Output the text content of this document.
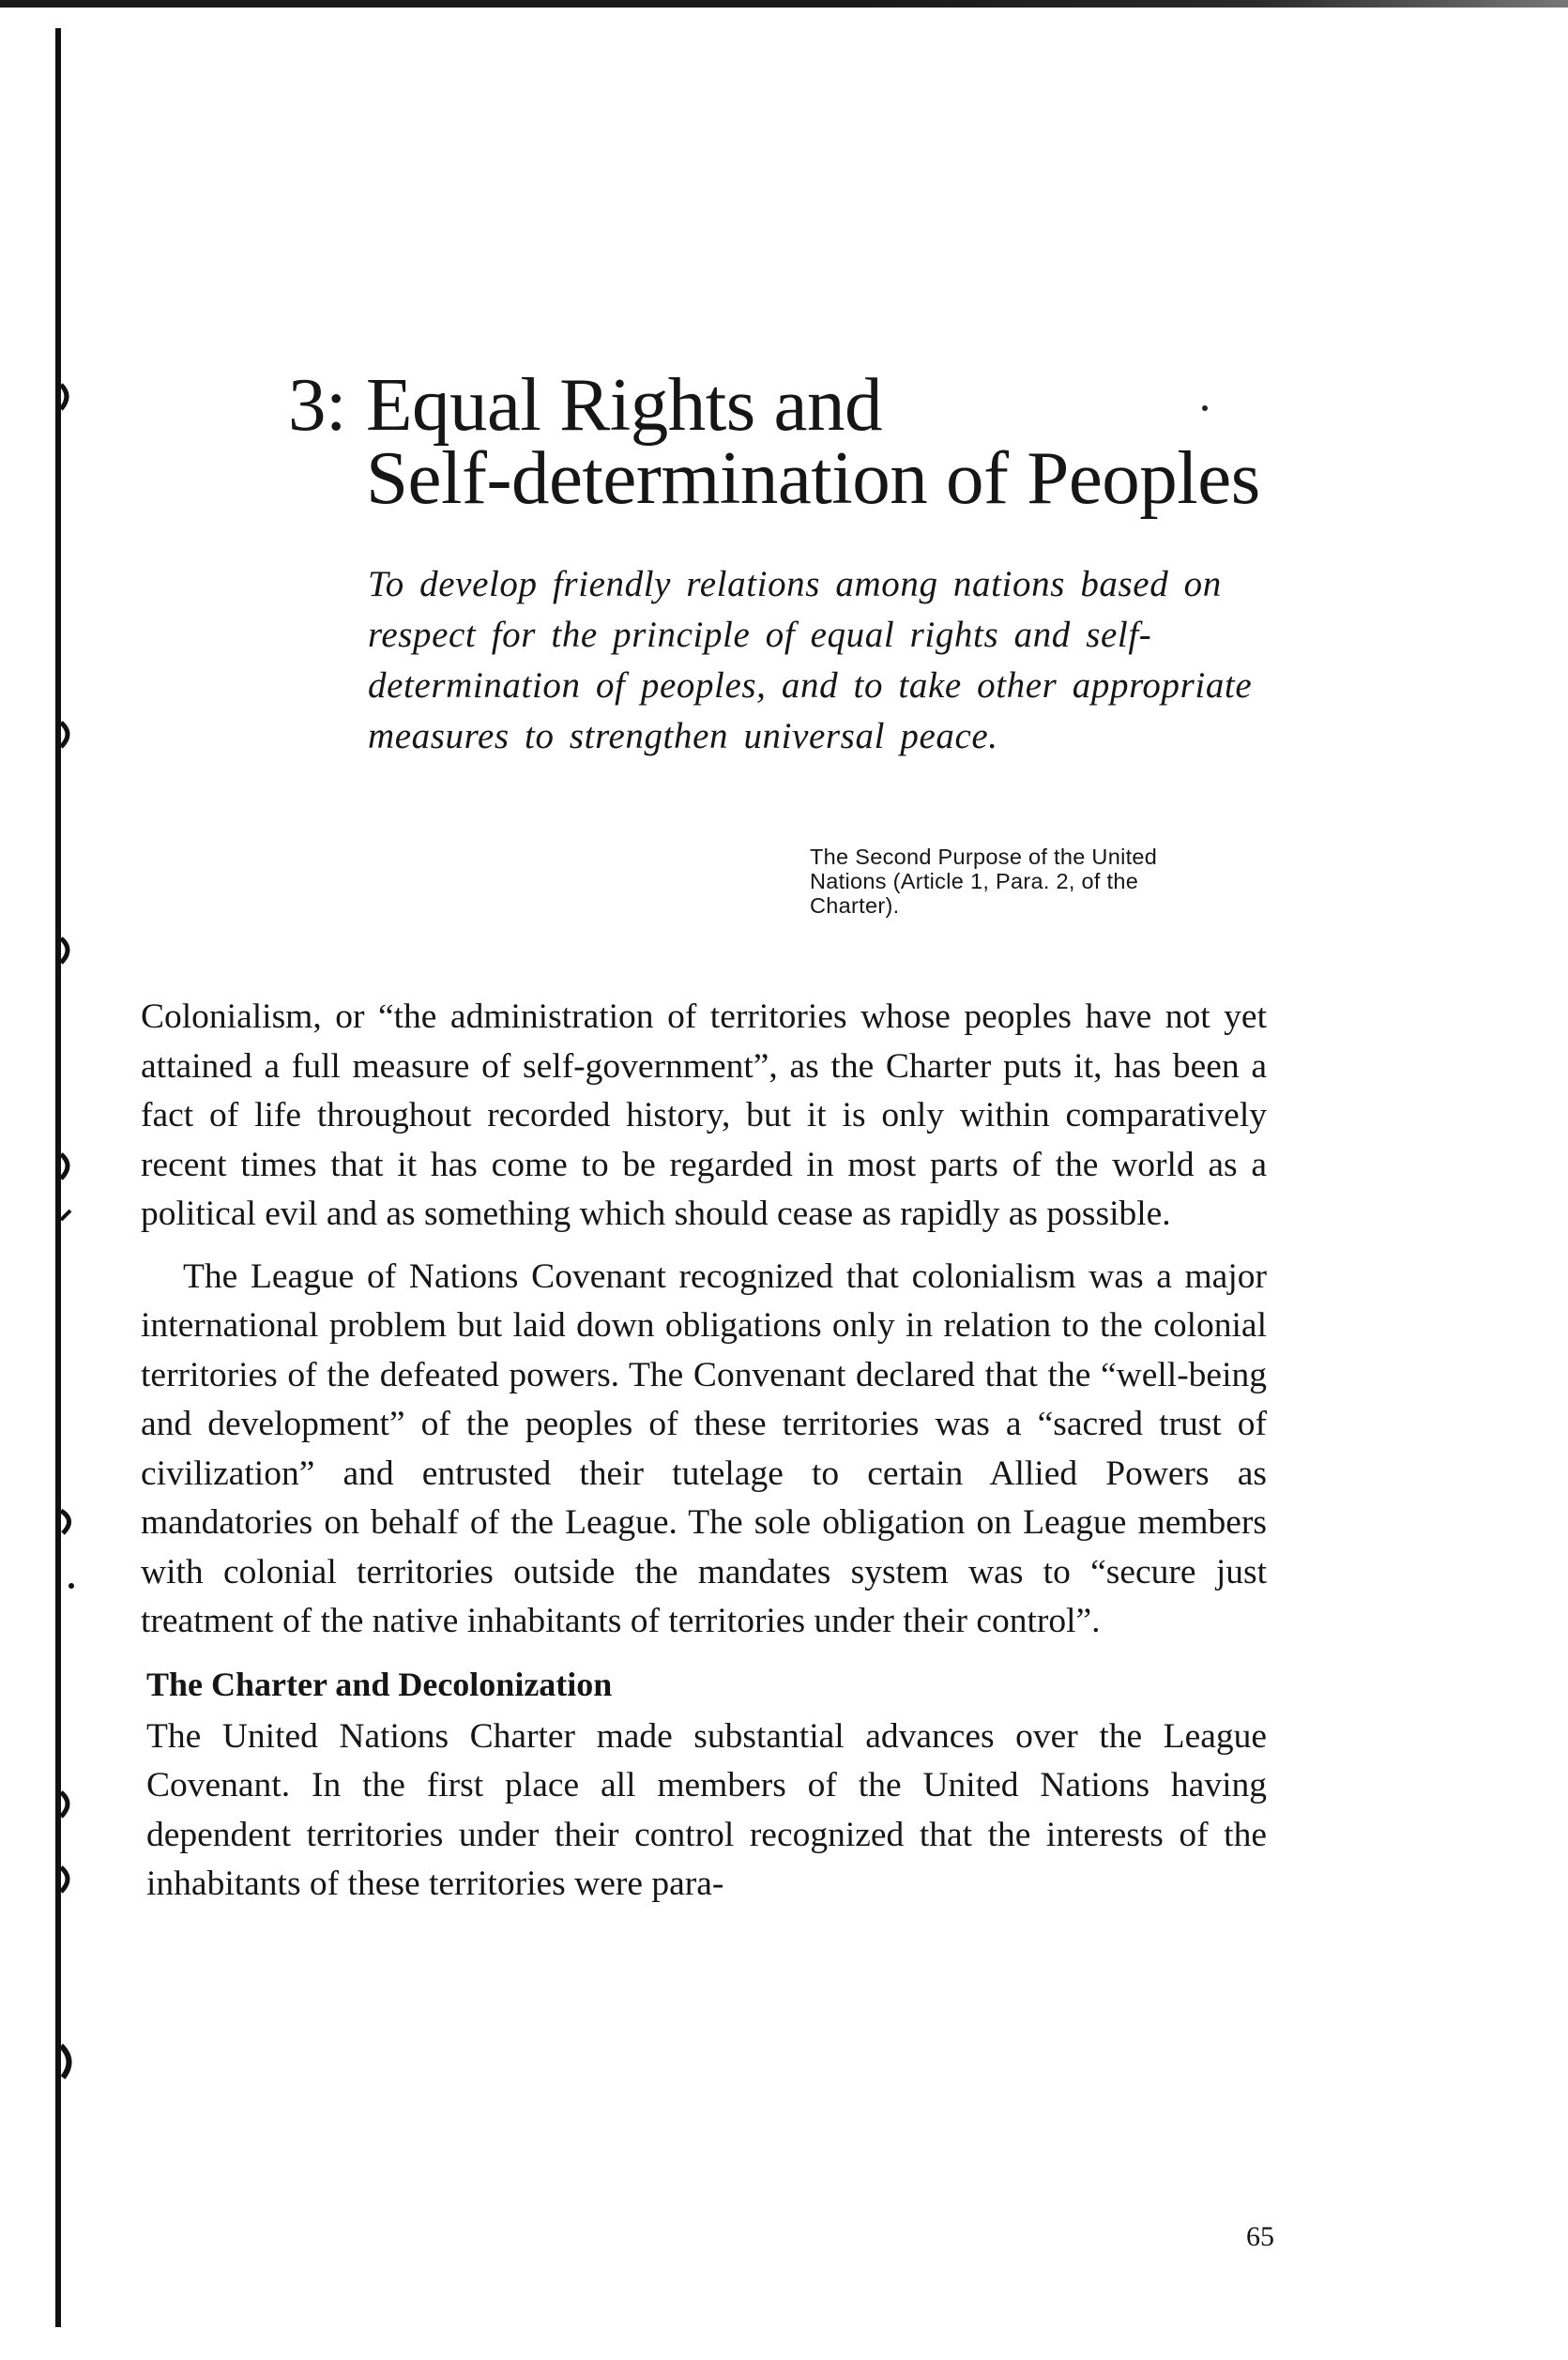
3: Equal Rights and
Self-determination of Peoples

To develop friendly relations among nations based on respect for the principle of equal rights and self-determination of peoples, and to take other appropriate measures to strengthen universal peace.

The Second Purpose of the United Nations (Article 1, Para. 2, of the Charter).

Colonialism, or “the administration of territories whose peoples have not yet attained a full measure of self-government”, as the Charter puts it, has been a fact of life throughout recorded history, but it is only within comparatively recent times that it has come to be regarded in most parts of the world as a political evil and as something which should cease as rapidly as possible.

The League of Nations Covenant recognized that colonialism was a major international problem but laid down obligations only in relation to the colonial territories of the defeated powers. The Convenant declared that the “well-being and development” of the peoples of these territories was a “sacred trust of civilization” and entrusted their tutelage to certain Allied Powers as mandatories on behalf of the League. The sole obligation on League members with colonial territories outside the mandates system was to “secure just treatment of the native inhabitants of territories under their control”.

The Charter and Decolonization

The United Nations Charter made substantial advances over the League Covenant. In the first place all members of the United Nations having dependent territories under their control recognized that the interests of the inhabitants of these territories were para-

65
